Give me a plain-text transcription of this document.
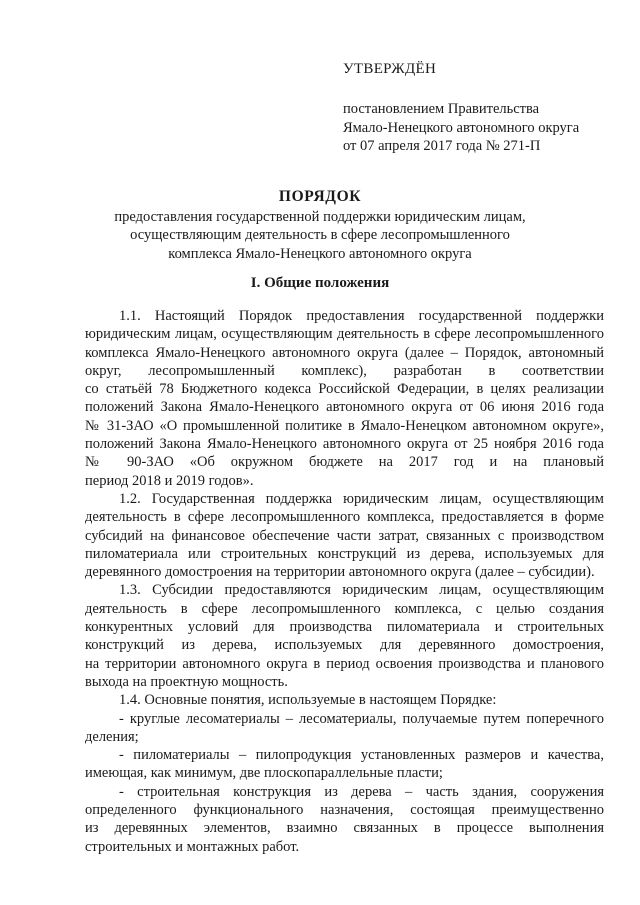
УТВЕРЖДЁН
постановлением Правительства
Ямало-Ненецкого автономного округа
от 07 апреля 2017 года № 271-П
ПОРЯДОК
предоставления государственной поддержки юридическим лицам,
осуществляющим деятельность в сфере лесопромышленного
комплекса Ямало-Ненецкого автономного округа
I. Общие положения
1.1. Настоящий Порядок предоставления государственной поддержки
юридическим лицам, осуществляющим деятельность в сфере лесопромышленного
комплекса Ямало-Ненецкого автономного округа (далее – Порядок, автономный
округ, лесопромышленный комплекс), разработан в соответствии
со статьёй 78 Бюджетного кодекса Российской Федерации, в целях реализации
положений Закона Ямало-Ненецкого автономного округа от 06 июня 2016 года
№ 31-ЗАО «О промышленной политике в Ямало-Ненецком автономном округе»,
положений Закона Ямало-Ненецкого автономного округа от 25 ноября 2016 года
№ 90-ЗАО «Об окружном бюджете на 2017 год и на плановый
период 2018 и 2019 годов».
1.2. Государственная поддержка юридическим лицам, осуществляющим
деятельность в сфере лесопромышленного комплекса, предоставляется в форме
субсидий на финансовое обеспечение части затрат, связанных с производством
пиломатериала или строительных конструкций из дерева, используемых для
деревянного домостроения на территории автономного округа (далее – субсидии).
1.3. Субсидии предоставляются юридическим лицам, осуществляющим
деятельность в сфере лесопромышленного комплекса, с целью создания
конкурентных условий для производства пиломатериала и строительных
конструкций из дерева, используемых для деревянного домостроения,
на территории автономного округа в период освоения производства и планового
выхода на проектную мощность.
1.4. Основные понятия, используемые в настоящем Порядке:
- круглые лесоматериалы – лесоматериалы, получаемые путем поперечного
деления;
- пиломатериалы – пилопродукция установленных размеров и качества,
имеющая, как минимум, две плоскопараллельные пласти;
- строительная конструкция из дерева – часть здания, сооружения
определенного функционального назначения, состоящая преимущественно
из деревянных элементов, взаимно связанных в процессе выполнения
строительных и монтажных работ.
